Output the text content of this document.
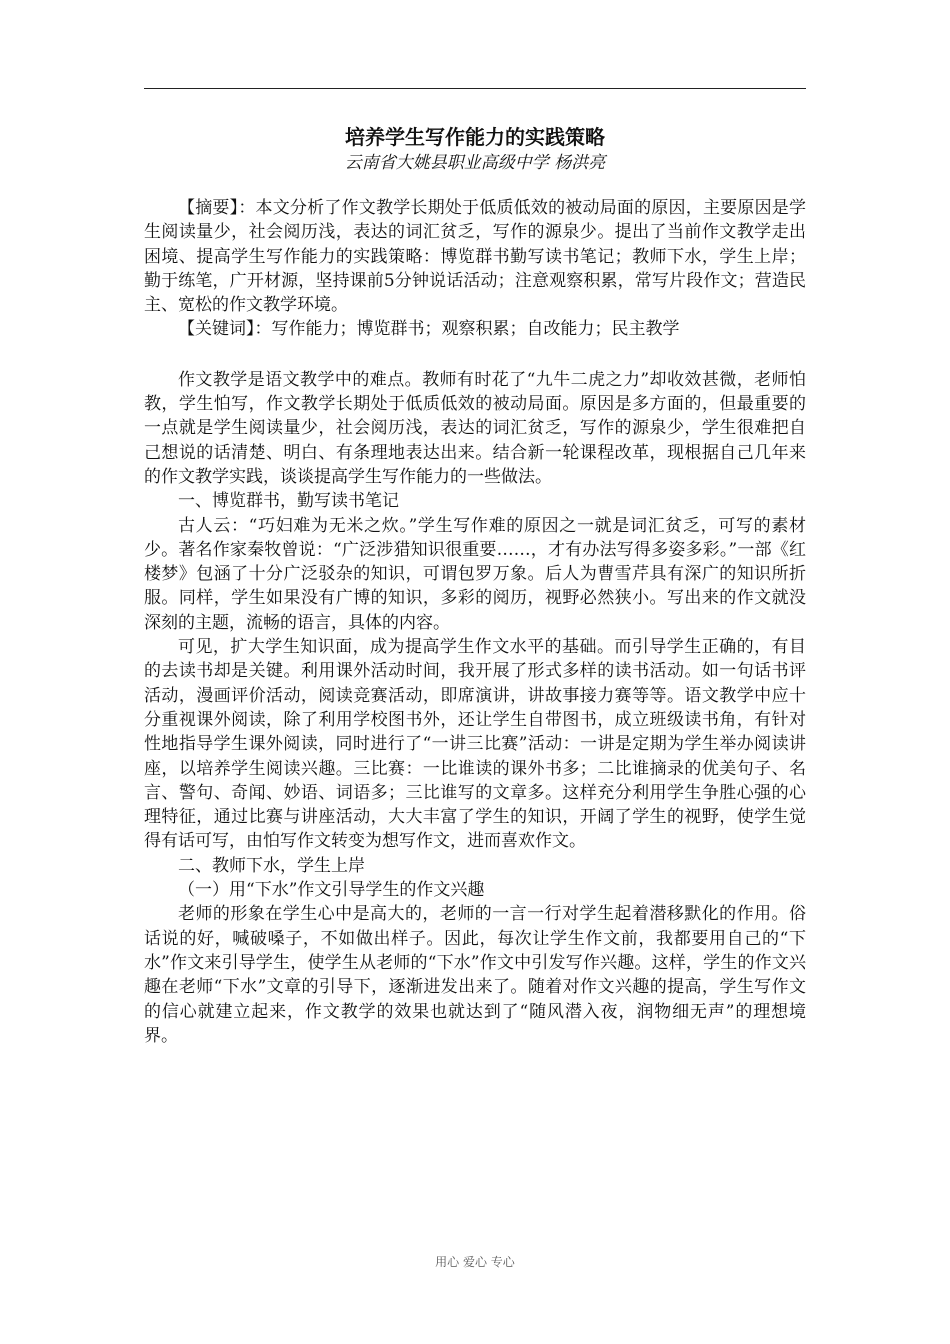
培养学生写作能力的实践策略
云南省大姚县职业高级中学 杨洪亮

【摘要】：本文分析了作文教学长期处于低质低效的被动局面的原因，主要原因是学生阅读量少，社会阅历浅，表达的词汇贫乏，写作的源泉少。提出了当前作文教学走出困境、提高学生写作能力的实践策略：博览群书勤写读书笔记；教师下水，学生上岸；勤于练笔，广开材源，坚持课前5分钟说话活动；注意观察积累，常写片段作文；营造民主、宽松的作文教学环境。

【关键词】：写作能力；博览群书；观察积累；自改能力；民主教学

作文教学是语文教学中的难点。教师有时花了“九牛二虎之力”却收效甚微，老师怕教，学生怕写，作文教学长期处于低质低效的被动局面。原因是多方面的，但最重要的一点就是学生阅读量少，社会阅历浅，表达的词汇贫乏，写作的源泉少，学生很难把自己想说的话清楚、明白、有条理地表达出来。结合新一轮课程改革，现根据自己几年来的作文教学实践，谈谈提高学生写作能力的一些做法。

一、博览群书，勤写读书笔记

古人云：“巧妇难为无米之炊。”学生写作难的原因之一就是词汇贫乏，可写的素材少。著名作家秦牧曾说：“广泛涉猎知识很重要……，才有办法写得多姿多彩。”一部《红楼梦》包涵了十分广泛驳杂的知识，可谓包罗万象。后人为曹雪芹具有深广的知识所折服。同样，学生如果没有广博的知识，多彩的阅历，视野必然狭小。写出来的作文就没深刻的主题，流畅的语言，具体的内容。

可见，扩大学生知识面，成为提高学生作文水平的基础。而引导学生正确的，有目的去读书却是关键。利用课外活动时间，我开展了形式多样的读书活动。如一句话书评活动，漫画评价活动，阅读竞赛活动，即席演讲，讲故事接力赛等等。语文教学中应十分重视课外阅读，除了利用学校图书外，还让学生自带图书，成立班级读书角，有针对性地指导学生课外阅读，同时进行了“一讲三比赛”活动：一讲是定期为学生举办阅读讲座，以培养学生阅读兴趣。三比赛：一比谁读的课外书多；二比谁摘录的优美句子、名言、警句、奇闻、妙语、词语多；三比谁写的文章多。这样充分利用学生争胜心强的心理特征，通过比赛与讲座活动，大大丰富了学生的知识，开阔了学生的视野，使学生觉得有话可写，由怕写作文转变为想写作文，进而喜欢作文。

二、教师下水，学生上岸

（一）用“下水”作文引导学生的作文兴趣

老师的形象在学生心中是高大的，老师的一言一行对学生起着潜移默化的作用。俗话说的好，喊破嗓子，不如做出样子。因此，每次让学生作文前，我都要用自己的“下水”作文来引导学生，使学生从老师的“下水”作文中引发写作兴趣。这样，学生的作文兴趣在老师“下水”文章的引导下，逐渐进发出来了。随着对作文兴趣的提高，学生写作文的信心就建立起来，作文教学的效果也就达到了“随风潜入夜，润物细无声”的理想境界。

用心 爱心 专心
